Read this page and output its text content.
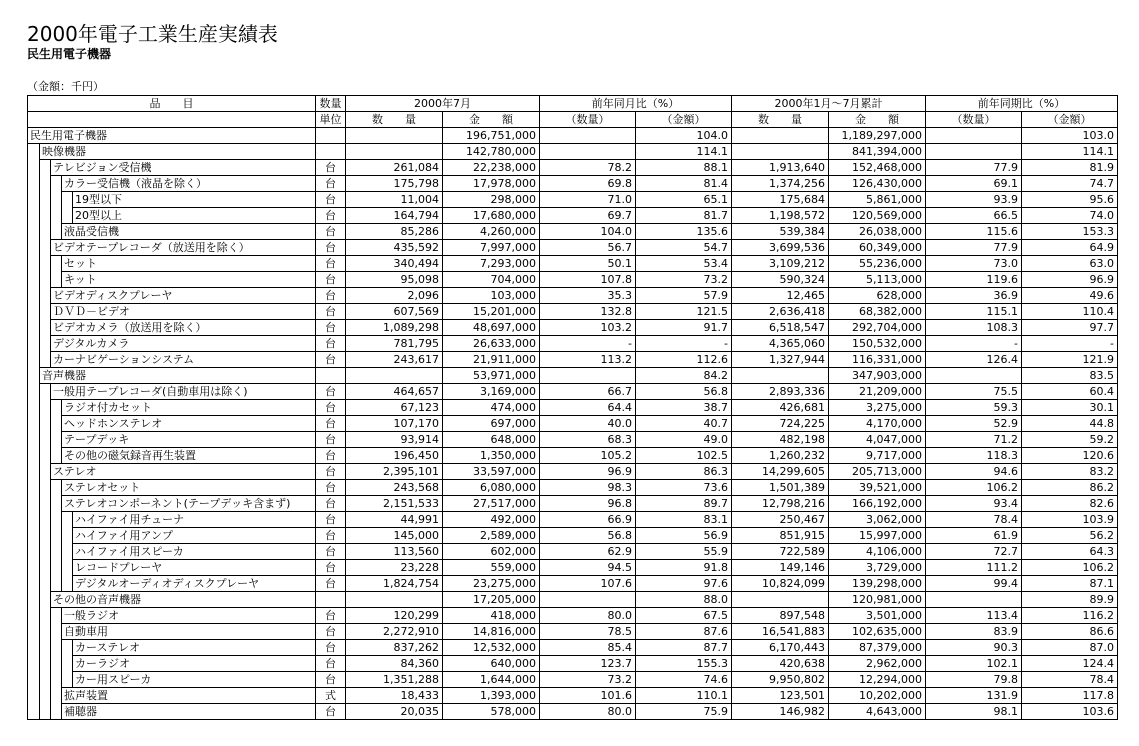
2000年電子工業生産実績表
民生用電子機器
（金額：千円）
品　　目					数量	2000年7月		前年同月比（%）		2000年1月～7月累計		前年同期比（%）	
					単位	数　　量	金　　額	（数量）	（金額）	数　　量	金　　額	（数量）	（金額）
民生用電子機器							196,751,000		104.0		1,189,297,000		103.0
	映像機器						142,780,000		114.1		841,394,000		114.1
		テレビジョン受信機			台	261,084	22,238,000	78.2	88.1	1,913,640	152,468,000	77.9	81.9
			カラー受信機（液晶を除く）		台	175,798	17,978,000	69.8	81.4	1,374,256	126,430,000	69.1	74.7
				19型以下	台	11,004	298,000	71.0	65.1	175,684	5,861,000	93.9	95.6
				20型以上	台	164,794	17,680,000	69.7	81.7	1,198,572	120,569,000	66.5	74.0
			液晶受信機		台	85,286	4,260,000	104.0	135.6	539,384	26,038,000	115.6	153.3
		ビデオテープレコーダ（放送用を除く）			台	435,592	7,997,000	56.7	54.7	3,699,536	60,349,000	77.9	64.9
			セット		台	340,494	7,293,000	50.1	53.4	3,109,212	55,236,000	73.0	63.0
			キット		台	95,098	704,000	107.8	73.2	590,324	5,113,000	119.6	96.9
		ビデオディスクプレーヤ			台	2,096	103,000	35.3	57.9	12,465	628,000	36.9	49.6
		ＤＶＤ－ビデオ			台	607,569	15,201,000	132.8	121.5	2,636,418	68,382,000	115.1	110.4
		ビデオカメラ（放送用を除く）			台	1,089,298	48,697,000	103.2	91.7	6,518,547	292,704,000	108.3	97.7
		デジタルカメラ			台	781,795	26,633,000	-	-	4,365,060	150,532,000	-	-
		カーナビゲーションシステム			台	243,617	21,911,000	113.2	112.6	1,327,944	116,331,000	126.4	121.9
	音声機器						53,971,000		84.2		347,903,000		83.5
		一般用テープレコーダ(自動車用は除く)			台	464,657	3,169,000	66.7	56.8	2,893,336	21,209,000	75.5	60.4
			ラジオ付カセット		台	67,123	474,000	64.4	38.7	426,681	3,275,000	59.3	30.1
			ヘッドホンステレオ		台	107,170	697,000	40.0	40.7	724,225	4,170,000	52.9	44.8
			テープデッキ		台	93,914	648,000	68.3	49.0	482,198	4,047,000	71.2	59.2
			その他の磁気録音再生装置		台	196,450	1,350,000	105.2	102.5	1,260,232	9,717,000	118.3	120.6
		ステレオ			台	2,395,101	33,597,000	96.9	86.3	14,299,605	205,713,000	94.6	83.2
			ステレオセット		台	243,568	6,080,000	98.3	73.6	1,501,389	39,521,000	106.2	86.2
			ステレオコンポーネント(テープデッキ含まず)		台	2,151,533	27,517,000	96.8	89.7	12,798,216	166,192,000	93.4	82.6
				ハイファイ用チューナ	台	44,991	492,000	66.9	83.1	250,467	3,062,000	78.4	103.9
				ハイファイ用アンプ	台	145,000	2,589,000	56.8	56.9	851,915	15,997,000	61.9	56.2
				ハイファイ用スピーカ	台	113,560	602,000	62.9	55.9	722,589	4,106,000	72.7	64.3
				レコードプレーヤ	台	23,228	559,000	94.5	91.8	149,146	3,729,000	111.2	106.2
				デジタルオーディオディスクプレーヤ	台	1,824,754	23,275,000	107.6	97.6	10,824,099	139,298,000	99.4	87.1
		その他の音声機器					17,205,000		88.0		120,981,000		89.9
			一般ラジオ		台	120,299	418,000	80.0	67.5	897,548	3,501,000	113.4	116.2
			自動車用		台	2,272,910	14,816,000	78.5	87.6	16,541,883	102,635,000	83.9	86.6
				カーステレオ	台	837,262	12,532,000	85.4	87.7	6,170,443	87,379,000	90.3	87.0
				カーラジオ	台	84,360	640,000	123.7	155.3	420,638	2,962,000	102.1	124.4
				カー用スピーカ	台	1,351,288	1,644,000	73.2	74.6	9,950,802	12,294,000	79.8	78.4
			拡声装置		式	18,433	1,393,000	101.6	110.1	123,501	10,202,000	131.9	117.8
			補聴器		台	20,035	578,000	80.0	75.9	146,982	4,643,000	98.1	103.6
